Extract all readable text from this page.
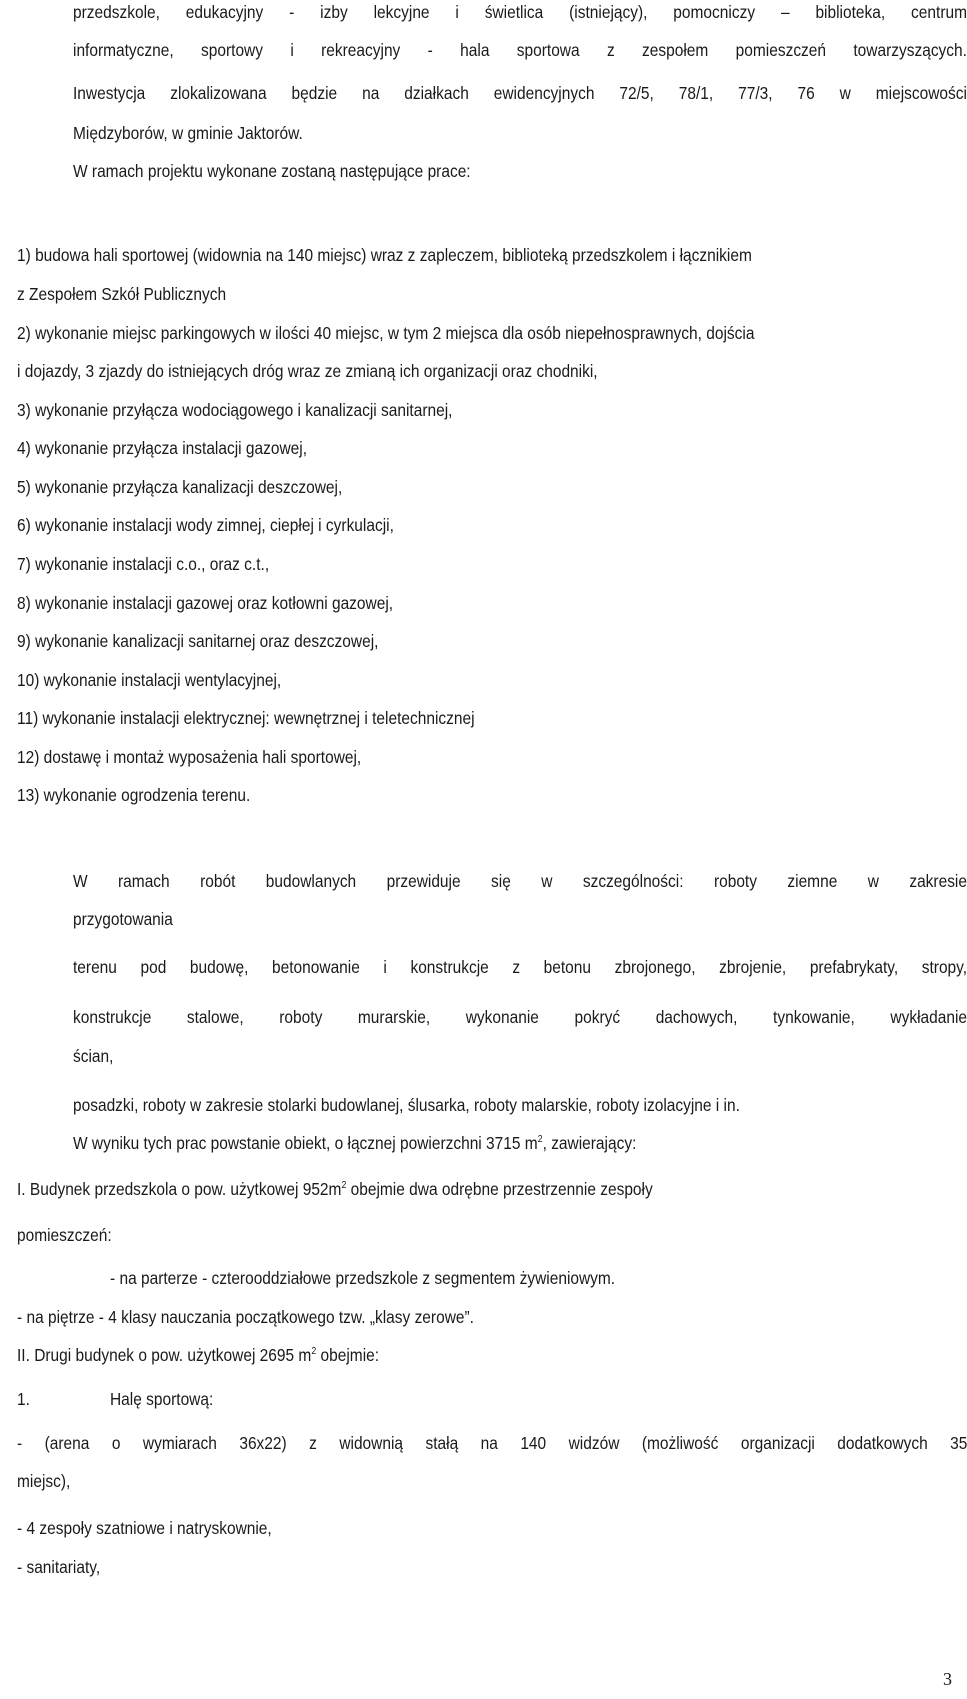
przedszkole, edukacyjny - izby lekcyjne i świetlica (istniejący), pomocniczy – biblioteka, centrum
informatyczne, sportowy i rekreacyjny - hala sportowa z zespołem pomieszczeń towarzyszących.
Inwestycja zlokalizowana będzie na działkach ewidencyjnych 72/5, 78/1, 77/3, 76 w miejscowości
Międzyborów, w gminie Jaktorów.
W ramach projektu wykonane zostaną następujące prace:
1) budowa hali sportowej (widownia na 140 miejsc) wraz z zapleczem, biblioteką przedszkolem i łącznikiem
z Zespołem Szkół Publicznych
2) wykonanie miejsc parkingowych w ilości 40 miejsc, w tym 2 miejsca dla osób niepełnosprawnych, dojścia
i dojazdy, 3 zjazdy do istniejących dróg wraz ze zmianą ich organizacji oraz chodniki,
3) wykonanie przyłącza wodociągowego i kanalizacji sanitarnej,
4) wykonanie przyłącza instalacji gazowej,
5) wykonanie przyłącza kanalizacji deszczowej,
6) wykonanie instalacji wody zimnej, ciepłej i cyrkulacji,
7) wykonanie instalacji c.o., oraz c.t.,
8) wykonanie instalacji gazowej oraz kotłowni gazowej,
9) wykonanie kanalizacji sanitarnej oraz deszczowej,
10) wykonanie instalacji wentylacyjnej,
11) wykonanie instalacji elektrycznej: wewnętrznej i teletechnicznej
12) dostawę i montaż wyposażenia hali sportowej,
13) wykonanie ogrodzenia terenu.
W ramach robót budowlanych przewiduje się w szczególności: roboty ziemne w zakresie
przygotowania
terenu pod budowę, betonowanie i konstrukcje z betonu zbrojonego, zbrojenie, prefabrykaty, stropy,
konstrukcje stalowe, roboty murarskie, wykonanie pokryć dachowych, tynkowanie, wykładanie
ścian,
posadzki, roboty w zakresie stolarki budowlanej, ślusarka, roboty malarskie, roboty izolacyjne i in.
W wyniku tych prac powstanie obiekt, o łącznej powierzchni 3715 $m^2$, zawierający:
I. Budynek przedszkola o pow. użytkowej $952m^2$ obejmie dwa odrębne przestrzennie zespoły
pomieszczeń:
- na parterze - czterooddziałowe przedszkole z segmentem żywieniowym.
- na piętrze - 4 klasy nauczania początkowego tzw. „klasy zerowe”.
II. Drugi budynek o pow. użytkowej 2695 $m^2$ obejmie:
1.	Halę sportową:
- (arena o wymiarach 36x22) z widownią stałą na 140 widzów (możliwość organizacji dodatkowych 35
miejsc),
- 4 zespoły szatniowe i natryskownie,
- sanitariaty,
3
